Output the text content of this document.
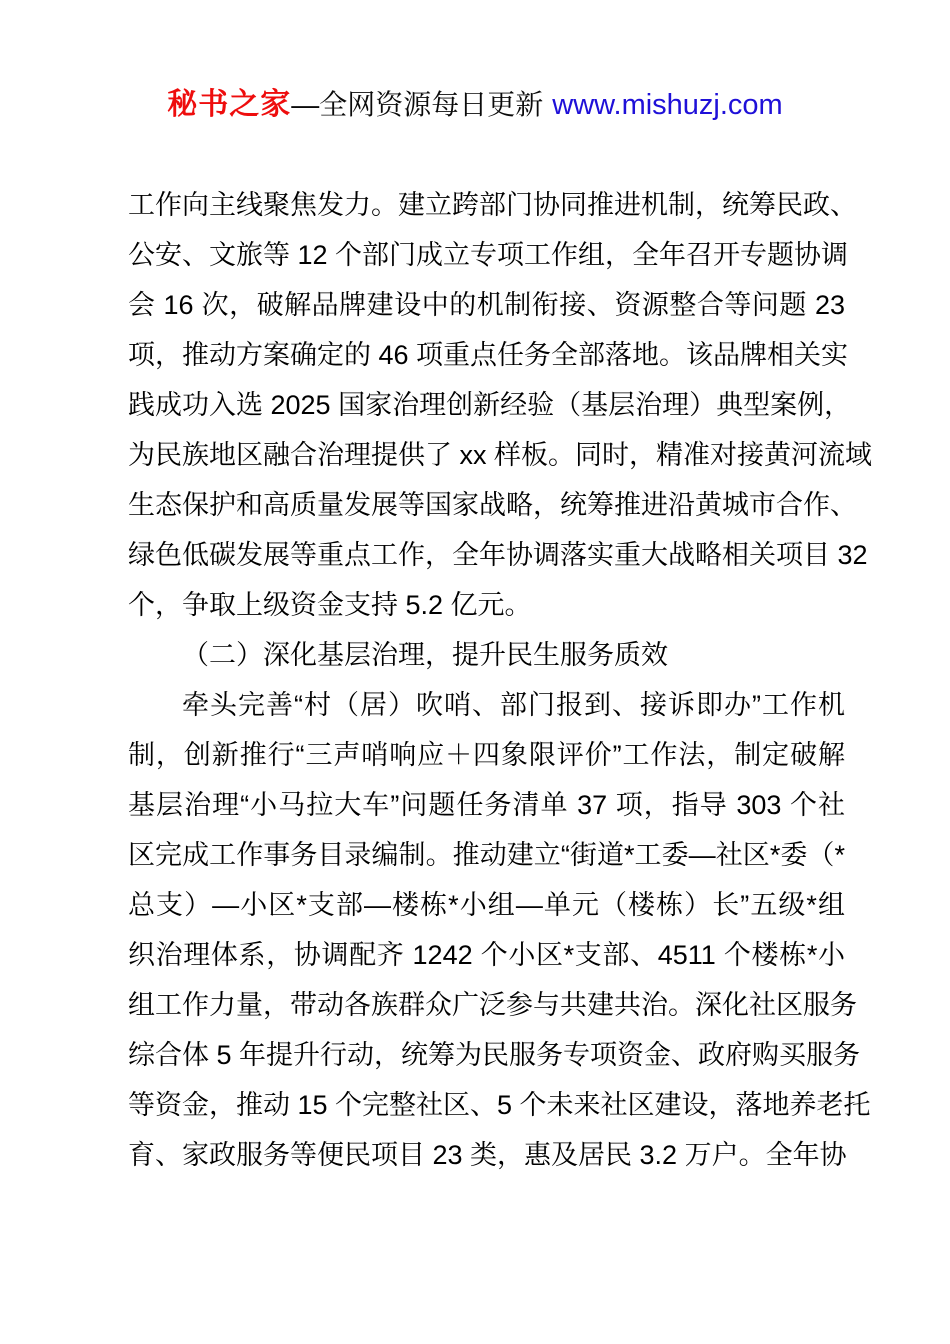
秘书之家—全网资源每日更新 www.mishuzj.com
工作向主线聚焦发力。建立跨部门协同推进机制，统筹民政、
公安、文旅等 12 个部门成立专项工作组，全年召开专题协调
会 16 次，破解品牌建设中的机制衔接、资源整合等问题 23
项，推动方案确定的 46 项重点任务全部落地。该品牌相关实
践成功入选 2025 国家治理创新经验（基层治理）典型案例，
为民族地区融合治理提供了 xx 样板。同时，精准对接黄河流域
生态保护和高质量发展等国家战略，统筹推进沿黄城市合作、
绿色低碳发展等重点工作，全年协调落实重大战略相关项目 32
个，争取上级资金支持 5.2 亿元。
（二）深化基层治理，提升民生服务质效
牵头完善“村（居）吹哨、部门报到、接诉即办”工作机
制，创新推行“三声哨响应＋四象限评价”工作法，制定破解
基层治理“小马拉大车”问题任务清单 37 项，指导 303 个社
区完成工作事务目录编制。推动建立“街道*工委—社区*委（*
总支）—小区*支部—楼栋*小组—单元（楼栋）长”五级*组
织治理体系，协调配齐 1242 个小区*支部、4511 个楼栋*小
组工作力量，带动各族群众广泛参与共建共治。深化社区服务
综合体 5 年提升行动，统筹为民服务专项资金、政府购买服务
等资金，推动 15 个完整社区、5 个未来社区建设，落地养老托
育、家政服务等便民项目 23 类，惠及居民 3.2 万户。全年协
